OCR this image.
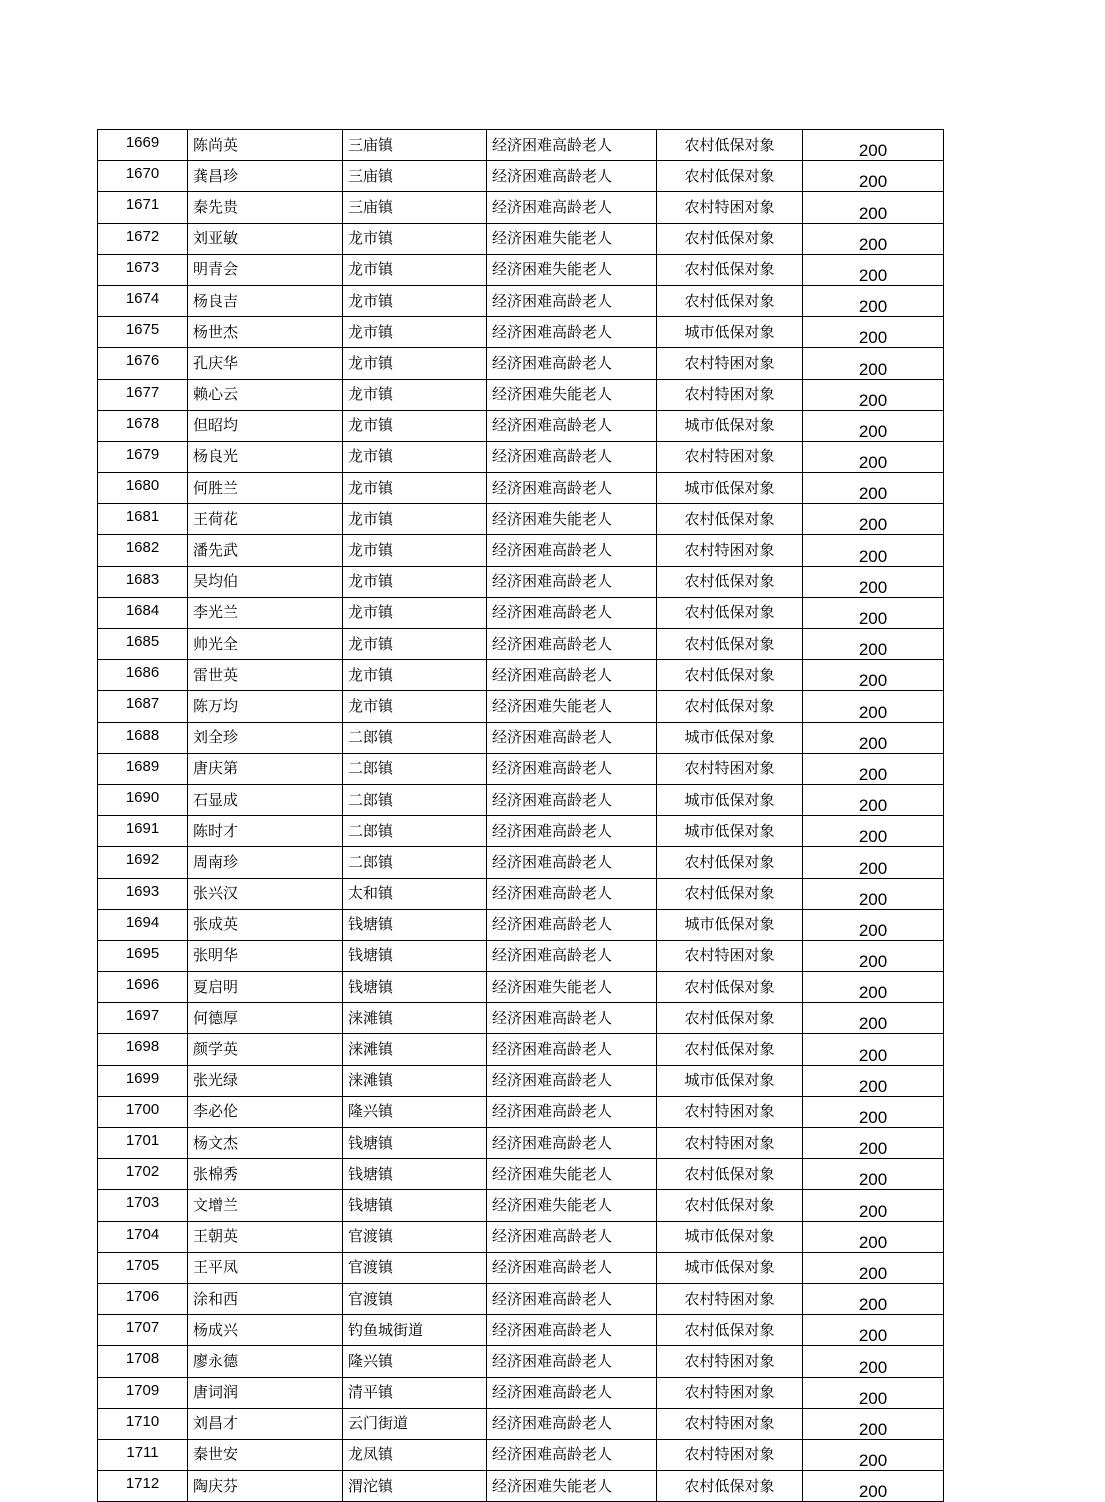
1669	陈尚英	三庙镇	经济困难高龄老人	农村低保对象	200
1670	龚昌珍	三庙镇	经济困难高龄老人	农村低保对象	200
1671	秦先贵	三庙镇	经济困难高龄老人	农村特困对象	200
1672	刘亚敏	龙市镇	经济困难失能老人	农村低保对象	200
1673	明青会	龙市镇	经济困难失能老人	农村低保对象	200
1674	杨良吉	龙市镇	经济困难高龄老人	农村低保对象	200
1675	杨世杰	龙市镇	经济困难高龄老人	城市低保对象	200
1676	孔庆华	龙市镇	经济困难高龄老人	农村特困对象	200
1677	赖心云	龙市镇	经济困难失能老人	农村特困对象	200
1678	但昭均	龙市镇	经济困难高龄老人	城市低保对象	200
1679	杨良光	龙市镇	经济困难高龄老人	农村特困对象	200
1680	何胜兰	龙市镇	经济困难高龄老人	城市低保对象	200
1681	王荷花	龙市镇	经济困难失能老人	农村低保对象	200
1682	潘先武	龙市镇	经济困难高龄老人	农村特困对象	200
1683	吴均伯	龙市镇	经济困难高龄老人	农村低保对象	200
1684	李光兰	龙市镇	经济困难高龄老人	农村低保对象	200
1685	帅光全	龙市镇	经济困难高龄老人	农村低保对象	200
1686	雷世英	龙市镇	经济困难高龄老人	农村低保对象	200
1687	陈万均	龙市镇	经济困难失能老人	农村低保对象	200
1688	刘全珍	二郎镇	经济困难高龄老人	城市低保对象	200
1689	唐庆第	二郎镇	经济困难高龄老人	农村特困对象	200
1690	石显成	二郎镇	经济困难高龄老人	城市低保对象	200
1691	陈时才	二郎镇	经济困难高龄老人	城市低保对象	200
1692	周南珍	二郎镇	经济困难高龄老人	农村低保对象	200
1693	张兴汉	太和镇	经济困难高龄老人	农村低保对象	200
1694	张成英	钱塘镇	经济困难高龄老人	城市低保对象	200
1695	张明华	钱塘镇	经济困难高龄老人	农村特困对象	200
1696	夏启明	钱塘镇	经济困难失能老人	农村低保对象	200
1697	何德厚	涞滩镇	经济困难高龄老人	农村低保对象	200
1698	颜学英	涞滩镇	经济困难高龄老人	农村低保对象	200
1699	张光绿	涞滩镇	经济困难高龄老人	城市低保对象	200
1700	李必伦	隆兴镇	经济困难高龄老人	农村特困对象	200
1701	杨文杰	钱塘镇	经济困难高龄老人	农村特困对象	200
1702	张棉秀	钱塘镇	经济困难失能老人	农村低保对象	200
1703	文增兰	钱塘镇	经济困难失能老人	农村低保对象	200
1704	王朝英	官渡镇	经济困难高龄老人	城市低保对象	200
1705	王平凤	官渡镇	经济困难高龄老人	城市低保对象	200
1706	涂和西	官渡镇	经济困难高龄老人	农村特困对象	200
1707	杨成兴	钓鱼城街道	经济困难高龄老人	农村低保对象	200
1708	廖永德	隆兴镇	经济困难高龄老人	农村特困对象	200
1709	唐词润	清平镇	经济困难高龄老人	农村特困对象	200
1710	刘昌才	云门街道	经济困难高龄老人	农村特困对象	200
1711	秦世安	龙凤镇	经济困难高龄老人	农村特困对象	200
1712	陶庆芬	渭沱镇	经济困难失能老人	农村低保对象	200
